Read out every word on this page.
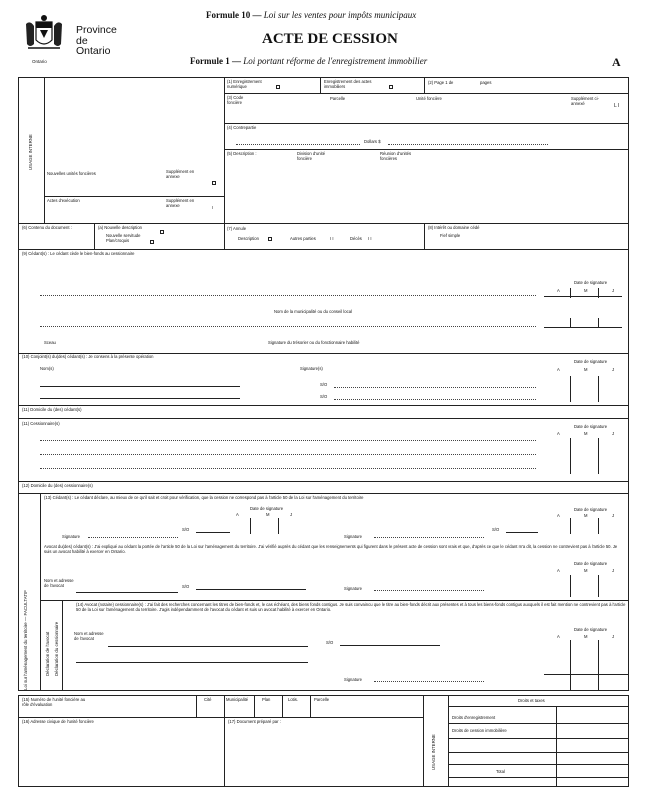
Ontario
Province
de
Ontario
Formule 10 — Loi sur les ventes pour impôts municipaux
ACTE DE CESSION
Formule 1 — Loi portant réforme de l'enregistrement immobilier	A
USAGE INTERNE
(1) Enregistrement numérique
Enregistrement des actes immobiliers
(2) Page 1 de	pages
(3) Code foncière
Parcelle	Unité foncière	Supplément ci-annexé	L I
(4) Contrepartie
Dollars $
(5) Description :	Division d'unité foncière
Réunion d'unités foncières
Nouvelles unités foncières	Supplément en annexe
Actes d'exécution	Supplément en annexe	I
(6) Contenu du document :	(a) Nouvelle description
Nouvelle servitude Plan/croquis
(7) Annule
Description	Autres parties	I I	Décès I I
(8) Intérêt ou domaine cédé
Fief simple
(9) Cédant(s) : Le cédant cède le bien-fonds au cessionnaire
Date de signature
A	M	J
Nom de la municipalité ou du conseil local
Sceau	Signature du trésorier ou du fonctionnaire habilité
(10) Conjoint(s) du(des) cédant(s) : Je consens à la présente opération
Date de signature
Nom(s)	Signature(s)	A	M	J
S/O
S/O
(11) Domicile du (des) cédant(s)
(11) Cessionnaire(s)
Date de signature
A	M	J
(12) Domicile du (des) cessionnaire(s)
Loi sur l'aménagement du territoire — FACULTATIF	Déclaration de l'avocat Déclaration du cessionnaire
(13) Cédant(s) : Le cédant déclare, au mieux de ce qu'il sait et croit pour vérification, que la cession ne correspond pas à l'article 50 de la Loi sur l'aménagement du territoire
Date de signature
A	M	J
Date de signature
A	M	J
Signature
S/O
Signature
S/O
Avocat du(des) cédant(s) : J'ai expliqué au cédant la portée de l'article 50 de la Loi sur l'aménagement du territoire. J'ai vérifié auprès du cédant que les renseignements qui figurent dans le présent acte de cession sont vrais et que, d'après ce que le cédant m'a dit, la cession ne contrevient pas à l'article 50. Je suis un avocat habilité à exercer en Ontario.
Date de signature
A	M	J
Nom et adresse de l'avocat	S/O	Signature
(14) Avocat (notaire) cessionnaire(s) : J'ai fait des recherches concernant les titres de bien-fonds et, le cas échéant, des biens fonds contigus. Je suis convaincu que le titre au bien-fonds décrit aux présentes et à tous les biens-fonds contigus auxquels il est fait mention ne contrevient pas à l'article 50 de la Loi sur l'aménagement du territoire. J'agis indépendamment de l'avocat du cédant et suis un avocat habilité à exercer en Ontario.
Nom et adresse de l'avocat
S/O
Signature
Date de signature
A	M	J
(15) Numéro de l'unité foncière au rôle d'évaluation
Cité	Municipalité	Plan	Lotis.	Parcelle
(16) Adresse civique de l'unité foncière	(17) Document préparé par :
USAGE INTERNE
Droits et taxes
Droits d'enregistrement
Droits de cession immobilière
Total
